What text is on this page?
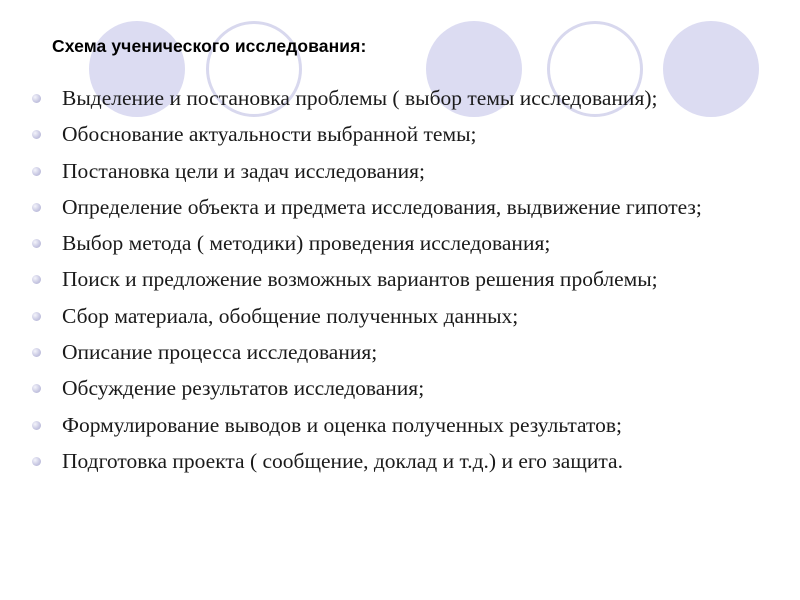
Схема ученического исследования:
Выделение и постановка проблемы ( выбор темы исследования);
Обоснование актуальности выбранной темы;
Постановка цели и задач исследования;
Определение объекта и предмета исследования, выдвижение гипотез;
Выбор метода ( методики) проведения исследования;
Поиск и предложение возможных вариантов решения проблемы;
Сбор материала, обобщение полученных данных;
Описание процесса исследования;
Обсуждение результатов исследования;
Формулирование выводов и оценка полученных результатов;
Подготовка проекта ( сообщение, доклад и т.д.) и его защита.
